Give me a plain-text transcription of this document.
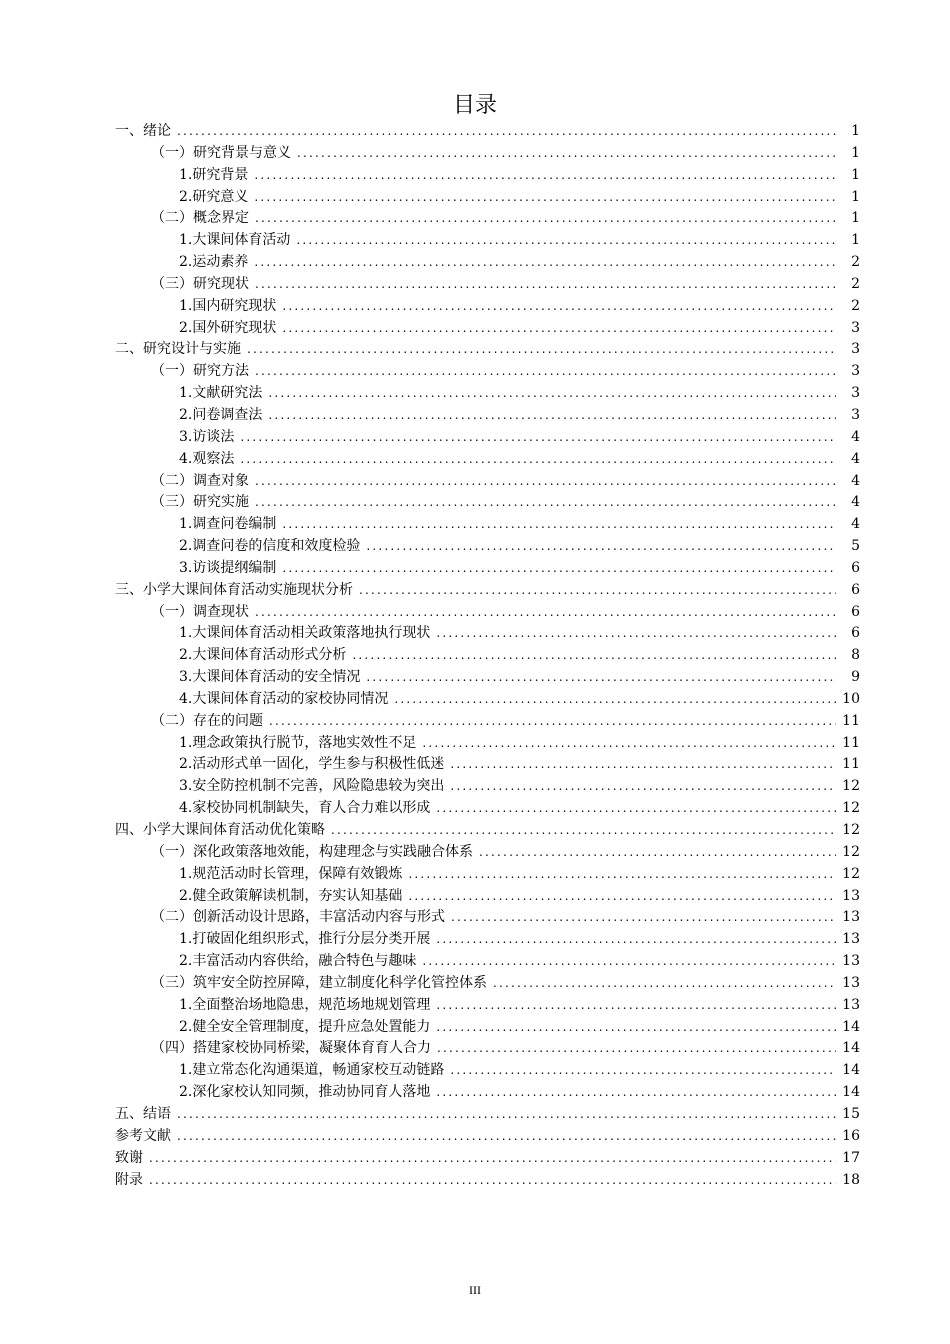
目录
一、绪论 .....	1
（一）研究背景与意义 .....	1
1.研究背景 .....	1
2.研究意义 .....	1
（二）概念界定 .....	1
1.大课间体育活动 .....	1
2.运动素养 .....	2
（三）研究现状 .....	2
1.国内研究现状 .....	2
2.国外研究现状 .....	3
二、研究设计与实施 .....	3
（一）研究方法 .....	3
1.文献研究法 .....	3
2.问卷调查法 .....	3
3.访谈法 .....	4
4.观察法 .....	4
（二）调查对象 .....	4
（三）研究实施 .....	4
1.调查问卷编制 .....	4
2.调查问卷的信度和效度检验 .....	5
3.访谈提纲编制 .....	6
三、小学大课间体育活动实施现状分析 .....	6
（一）调查现状 .....	6
1.大课间体育活动相关政策落地执行现状 .....	6
2.大课间体育活动形式分析 .....	8
3.大课间体育活动的安全情况 .....	9
4.大课间体育活动的家校协同情况 .....	10
（二）存在的问题 .....	11
1.理念政策执行脱节，落地实效性不足 .....	11
2.活动形式单一固化，学生参与积极性低迷 .....	11
3.安全防控机制不完善，风险隐患较为突出 .....	12
4.家校协同机制缺失，育人合力难以形成 .....	12
四、小学大课间体育活动优化策略 .....	12
（一）深化政策落地效能，构建理念与实践融合体系 .....	12
1.规范活动时长管理，保障有效锻炼 .....	12
2.健全政策解读机制，夯实认知基础 .....	13
（二）创新活动设计思路，丰富活动内容与形式 .....	13
1.打破固化组织形式，推行分层分类开展 .....	13
2.丰富活动内容供给，融合特色与趣味 .....	13
（三）筑牢安全防控屏障，建立制度化科学化管控体系 .....	13
1.全面整治场地隐患，规范场地规划管理 .....	13
2.健全安全管理制度，提升应急处置能力 .....	14
（四）搭建家校协同桥梁，凝聚体育育人合力 .....	14
1.建立常态化沟通渠道，畅通家校互动链路 .....	14
2.深化家校认知同频，推动协同育人落地 .....	14
五、结语 .....	15
参考文献 .....	16
致谢 .....	17
附录 .....	18
III
